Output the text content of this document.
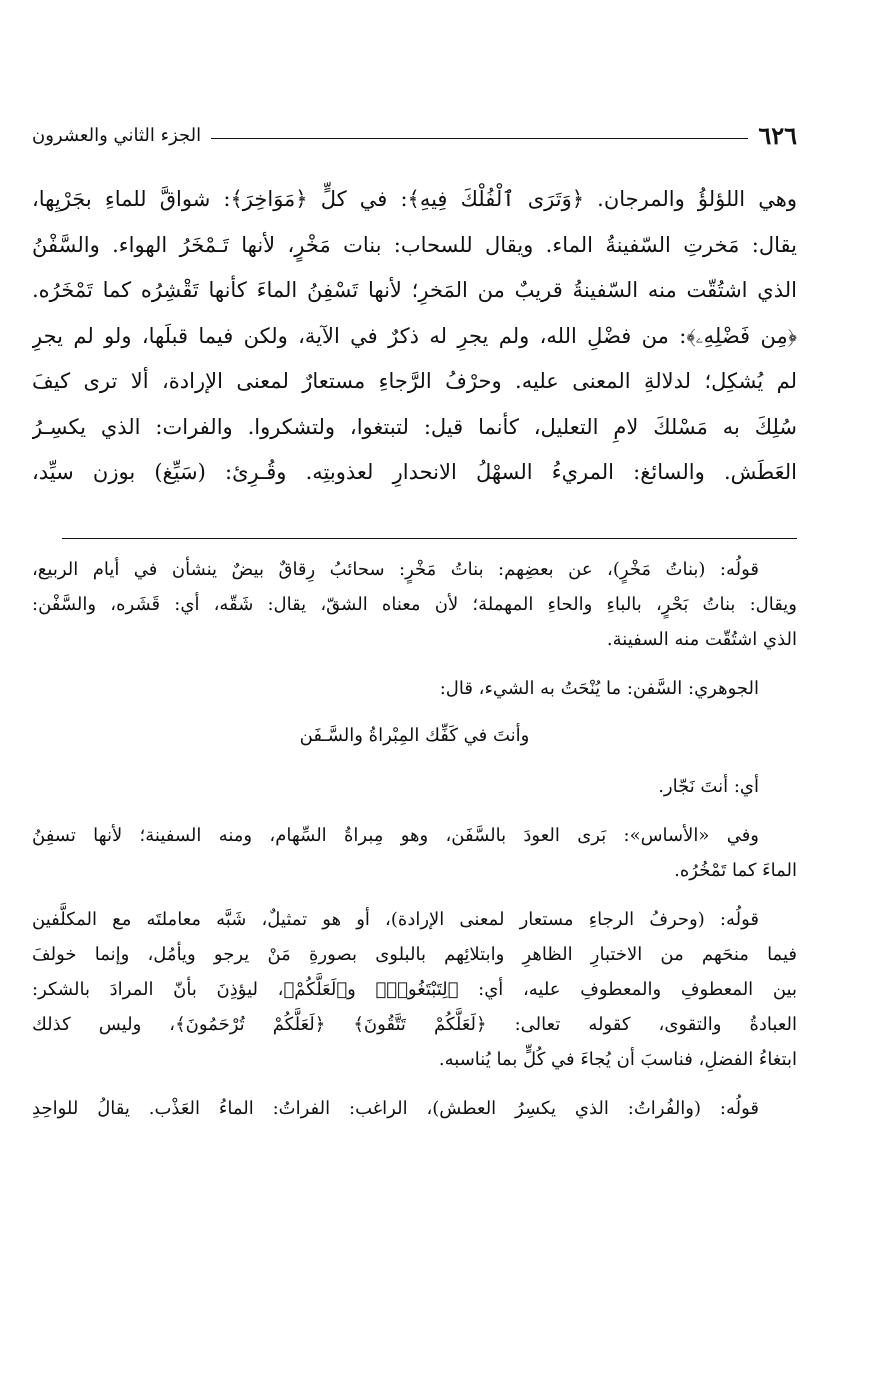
٦٢٦
الجزء الثاني والعشرون

وهي اللؤلؤُ والمرجان. ﴿وَتَرَى ٱلْفُلْكَ فِيهِ﴾: في كلٍّ ﴿مَوَاخِرَ﴾: شواقَّ للماءِ بجَرْيِها،

يقال: مَخرتِ السّفينةُ الماء. ويقال للسحاب: بنات مَخْرٍ، لأنها تَـمْخَرُ الهواء. والسَّفْنُ

الذي اشتُقّت منه السّفينةُ قريبٌ من المَخرِ؛ لأنها تَسْفِنُ الماءَ كأنها تَقْشِرُه كما تَمْخَرُه.

﴿مِن فَضْلِهِۦ﴾: من فضْلِ الله، ولم يجرِ له ذكرٌ في الآية، ولكن فيما قبلَها، ولو لم يجرِ

لم يُشكِل؛ لدلالةِ المعنى عليه. وحرْفُ الرَّجاءِ مستعارٌ لمعنى الإرادة، ألا ترى كيفَ

سُلِكَ به مَسْلكَ لامِ التعليل، كأنما قيل: لتبتغوا، ولتشكروا. والفرات: الذي يكسِـرُ

العَطَش. والسائغ: المريءُ السهْلُ الانحدارِ لعذوبتِه. وقُـرِئ: (سَيِّغ) بوزن سيِّد،

قولُه: (بناتُ مَخْرٍ)، عن بعضِهم: بناتُ مَخْرٍ: سحائبُ رِقاقٌ بيضٌ ينشأن في أيام الربيع،

ويقال: بناتُ بَحْرٍ، بالباءِ والحاءِ المهملة؛ لأن معناه الشقّ، يقال: شَقّه، أي: قَشَره، والسَّفْن:

الذي اشتُقّت منه السفينة.

الجوهري: السَّفن: ما يُنْحَتُ به الشيء، قال:

وأنتَ في كَفِّك المِبْراةُ والسَّـفَن

أي: أنتَ نَجّار.

وفي «الأساس»: بَرى العودَ بالسَّفَن، وهو مِبراةُ السِّهام، ومنه السفينة؛ لأنها تسفِنُ

الماءَ كما تَمْخُرُه.

قولُه: (وحرفُ الرجاءِ مستعار لمعنى الإرادة)، أو هو تمثيلٌ، شَبَّه معاملتَه مع المكلَّفين

فيما منحَهم من الاختبارِ الظاهرِ وابتلائِهم بالبلوى بصورةِ مَنْ يرجو ويأمُل، وإنما خولفَ

بين المعطوفِ والمعطوفِ عليه، أي: ﴿لِتَبْتَغُوا۟﴾ و﴿لَعَلَّكُمْ﴾، ليؤذِنَ بأنّ المرادَ بالشكر:

العبادةُ والتقوى، كقوله تعالى: ﴿لَعَلَّكُمْ تَتَّقُونَ﴾ ﴿لَعَلَّكُمْ تُرْحَمُونَ﴾، وليس كذلك

ابتغاءُ الفضلِ، فناسبَ أن يُجاءَ في كُلٍّ بما يُناسبه.

قولُه: (والفُراتُ: الذي يكسِرُ العطش)، الراغب: الفراتُ: الماءُ العَذْب. يقالُ للواحِدِ
